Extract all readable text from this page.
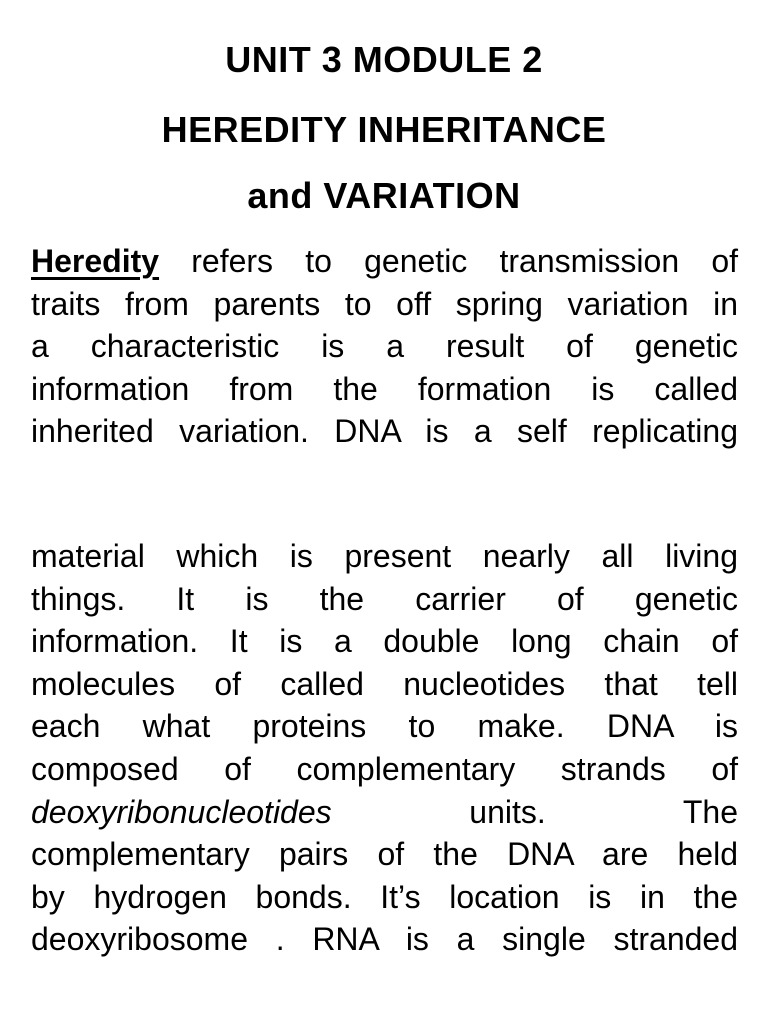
UNIT 3 MODULE 2
HEREDITY INHERITANCE
and VARIATION
Heredity refers to genetic transmission of
traits from parents to off spring variation in
a characteristic is a result of genetic
information from the formation is called
inherited variation. DNA is a self replicating
material which is present nearly all living
things. It is the carrier of genetic
information. It is a double long chain of
molecules of called nucleotides that tell
each what proteins to make. DNA is
composed of complementary strands of
deoxyribonucleotides units. The
complementary pairs of the DNA are held
by hydrogen bonds. It’s location is in the
deoxyribosome . RNA is a single stranded
